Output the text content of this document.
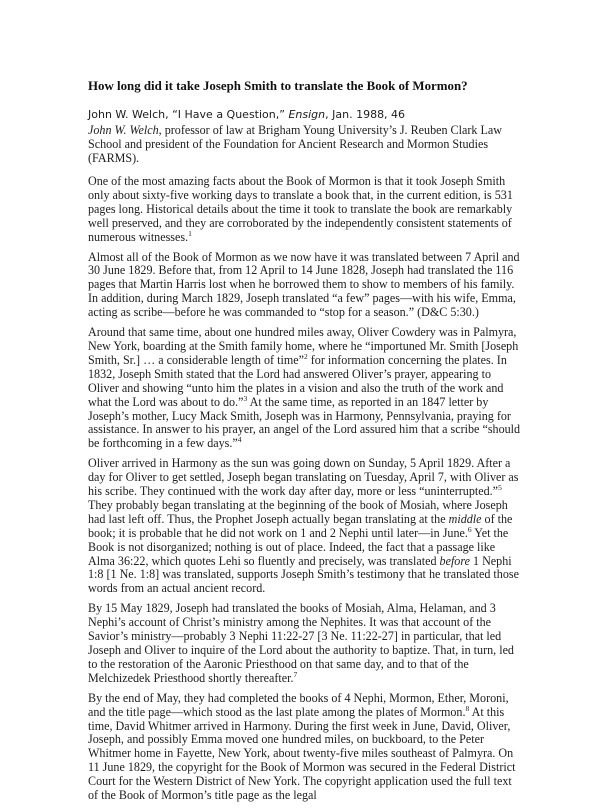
How long did it take Joseph Smith to translate the Book of Mormon?

John W. Welch, “I Have a Question,” Ensign, Jan. 1988, 46

John W. Welch, professor of law at Brigham Young University’s J. Reuben Clark Law School and president of the Foundation for Ancient Research and Mormon Studies (FARMS).

One of the most amazing facts about the Book of Mormon is that it took Joseph Smith only about sixty-five working days to translate a book that, in the current edition, is 531 pages long. Historical details about the time it took to translate the book are remarkably well preserved, and they are corroborated by the independently consistent statements of numerous witnesses.$^1$

Almost all of the Book of Mormon as we now have it was translated between 7 April and 30 June 1829. Before that, from 12 April to 14 June 1828, Joseph had translated the 116 pages that Martin Harris lost when he borrowed them to show to members of his family. In addition, during March 1829, Joseph translated “a few” pages—with his wife, Emma, acting as scribe—before he was commanded to “stop for a season.” (D&C 5:30.)

Around that same time, about one hundred miles away, Oliver Cowdery was in Palmyra, New York, boarding at the Smith family home, where he “importuned Mr. Smith [Joseph Smith, Sr.] … a considerable length of time”$^2$ for information concerning the plates. In 1832, Joseph Smith stated that the Lord had answered Oliver’s prayer, appearing to Oliver and showing “unto him the plates in a vision and also the truth of the work and what the Lord was about to do.”$^3$ At the same time, as reported in an 1847 letter by Joseph’s mother, Lucy Mack Smith, Joseph was in Harmony, Pennsylvania, praying for assistance. In answer to his prayer, an angel of the Lord assured him that a scribe “should be forthcoming in a few days.”$^4$

Oliver arrived in Harmony as the sun was going down on Sunday, 5 April 1829. After a day for Oliver to get settled, Joseph began translating on Tuesday, April 7, with Oliver as his scribe. They continued with the work day after day, more or less “uninterrupted.”$^5$ They probably began translating at the beginning of the book of Mosiah, where Joseph had last left off. Thus, the Prophet Joseph actually began translating at the middle of the book; it is probable that he did not work on 1 and 2 Nephi until later—in June.$^6$ Yet the Book is not disorganized; nothing is out of place. Indeed, the fact that a passage like Alma 36:22, which quotes Lehi so fluently and precisely, was translated before 1 Nephi 1:8 [1 Ne. 1:8] was translated, supports Joseph Smith’s testimony that he translated those words from an actual ancient record.

By 15 May 1829, Joseph had translated the books of Mosiah, Alma, Helaman, and 3 Nephi’s account of Christ’s ministry among the Nephites. It was that account of the Savior’s ministry—probably 3 Nephi 11:22-27 [3 Ne. 11:22-27] in particular, that led Joseph and Oliver to inquire of the Lord about the authority to baptize. That, in turn, led to the restoration of the Aaronic Priesthood on that same day, and to that of the Melchizedek Priesthood shortly thereafter.$^7$

By the end of May, they had completed the books of 4 Nephi, Mormon, Ether, Moroni, and the title page—which stood as the last plate among the plates of Mormon.$^8$ At this time, David Whitmer arrived in Harmony. During the first week in June, David, Oliver, Joseph, and possibly Emma moved one hundred miles, on buckboard, to the Peter Whitmer home in Fayette, New York, about twenty-five miles southeast of Palmyra. On 11 June 1829, the copyright for the Book of Mormon was secured in the Federal District Court for the Western District of New York. The copyright application used the full text of the Book of Mormon’s title page as the legal
